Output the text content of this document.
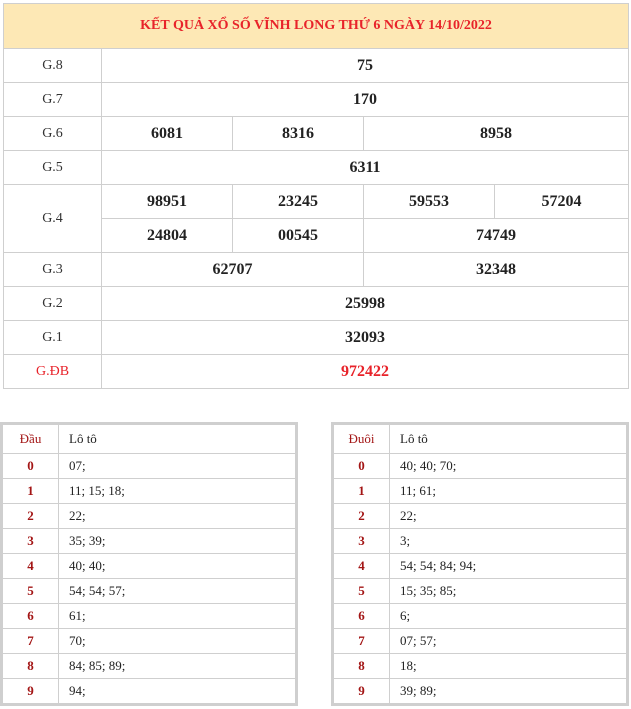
KẾT QUẢ XỔ SỐ VĨNH LONG THỨ 6 NGÀY 14/10/2022				
G.8	75			
G.7	170			
G.6	6081	8316	8958	
G.5	6311			
G.4	98951	23245	59553	57204
	24804	00545	74749	
G.3	62707		32348	
G.2	25998			
G.1	32093			
G.ĐB	972422			
Đầu	Lô tô
0	07;
1	11; 15; 18;
2	22;
3	35; 39;
4	40; 40;
5	54; 54; 57;
6	61;
7	70;
8	84; 85; 89;
9	94;
Đuôi	Lô tô
0	40; 40; 70;
1	11; 61;
2	22;
3	3;
4	54; 54; 84; 94;
5	15; 35; 85;
6	6;
7	07; 57;
8	18;
9	39; 89;
